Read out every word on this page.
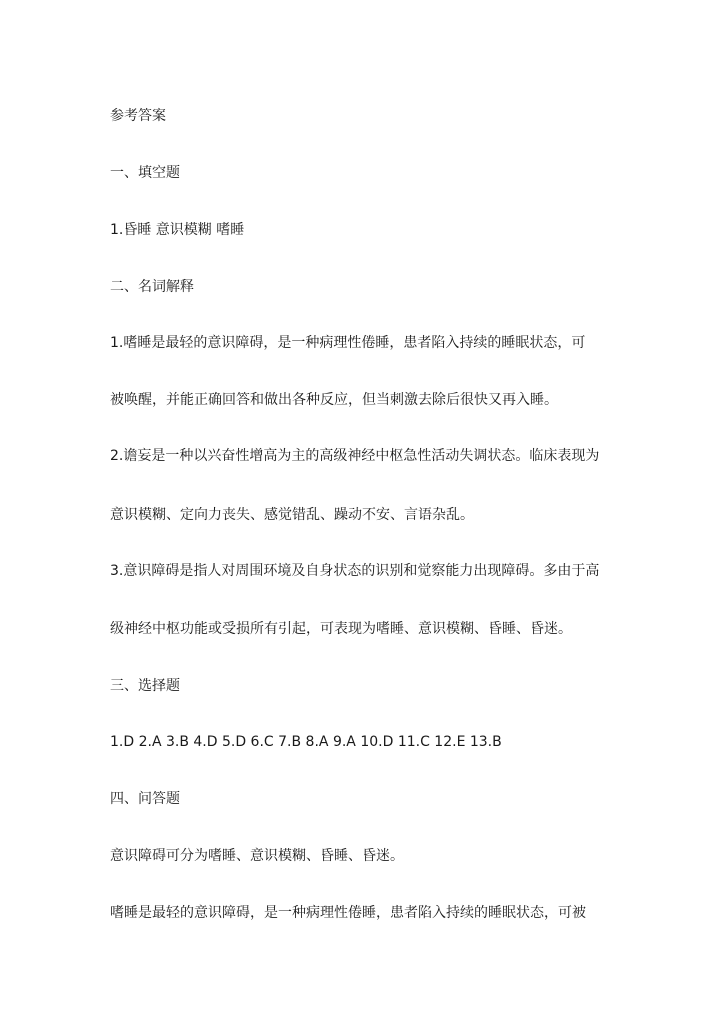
参考答案
一、填空题
1.昏睡 意识模糊 嗜睡
二、名词解释
1.嗜睡是最轻的意识障碍，是一种病理性倦睡，患者陷入持续的睡眠状态，可
被唤醒，并能正确回答和做出各种反应，但当刺激去除后很快又再入睡。
2.谵妄是一种以兴奋性增高为主的高级神经中枢急性活动失调状态。临床表现为
意识模糊、定向力丧失、感觉错乱、躁动不安、言语杂乱。
3.意识障碍是指人对周围环境及自身状态的识别和觉察能力出现障碍。多由于高
级神经中枢功能或受损所有引起，可表现为嗜睡、意识模糊、昏睡、昏迷。
三、选择题
1.D 2.A 3.B 4.D 5.D 6.C 7.B 8.A 9.A 10.D 11.C 12.E 13.B
四、问答题
意识障碍可分为嗜睡、意识模糊、昏睡、昏迷。
嗜睡是最轻的意识障碍，是一种病理性倦睡，患者陷入持续的睡眠状态，可被
